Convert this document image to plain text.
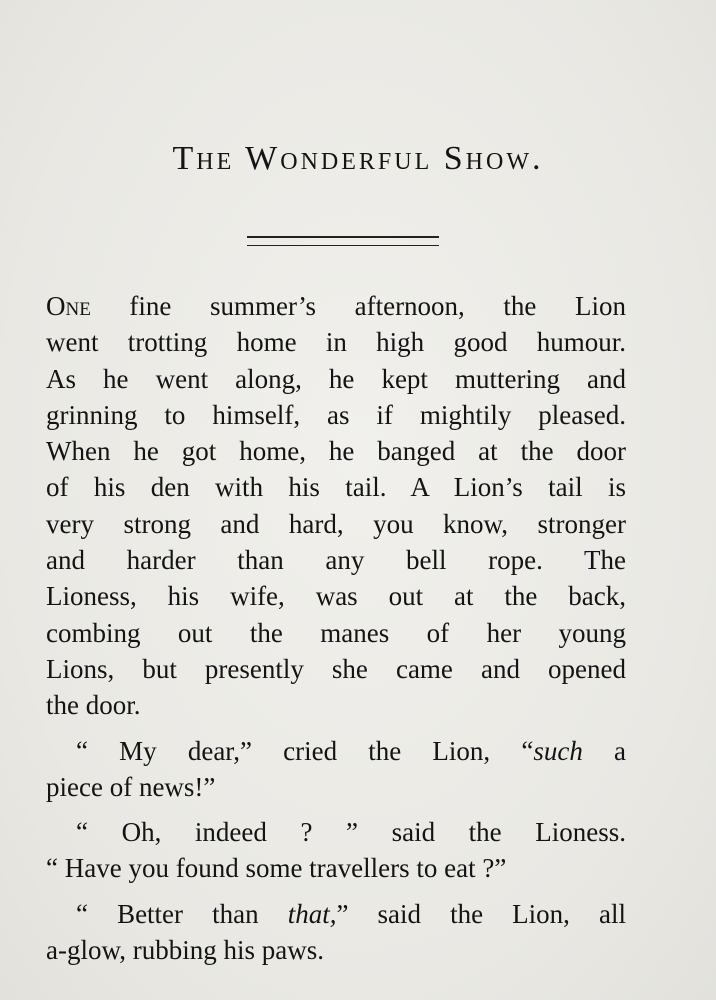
The Wonderful Show.

One fine summer’s afternoon, the Lion
went trotting home in high good humour.
As he went along, he kept muttering and
grinning to himself, as if mightily pleased.
When he got home, he banged at the door
of his den with his tail. A Lion’s tail is
very strong and hard, you know, stronger
and harder than any bell rope. The
Lioness, his wife, was out at the back,
combing out the manes of her young
Lions, but presently she came and opened
the door.

“ My dear,” cried the Lion, “such a
piece of news!”

“ Oh, indeed ? ” said the Lioness.
“ Have you found some travellers to eat ?”

“ Better than that,” said the Lion, all
a-glow, rubbing his paws.
